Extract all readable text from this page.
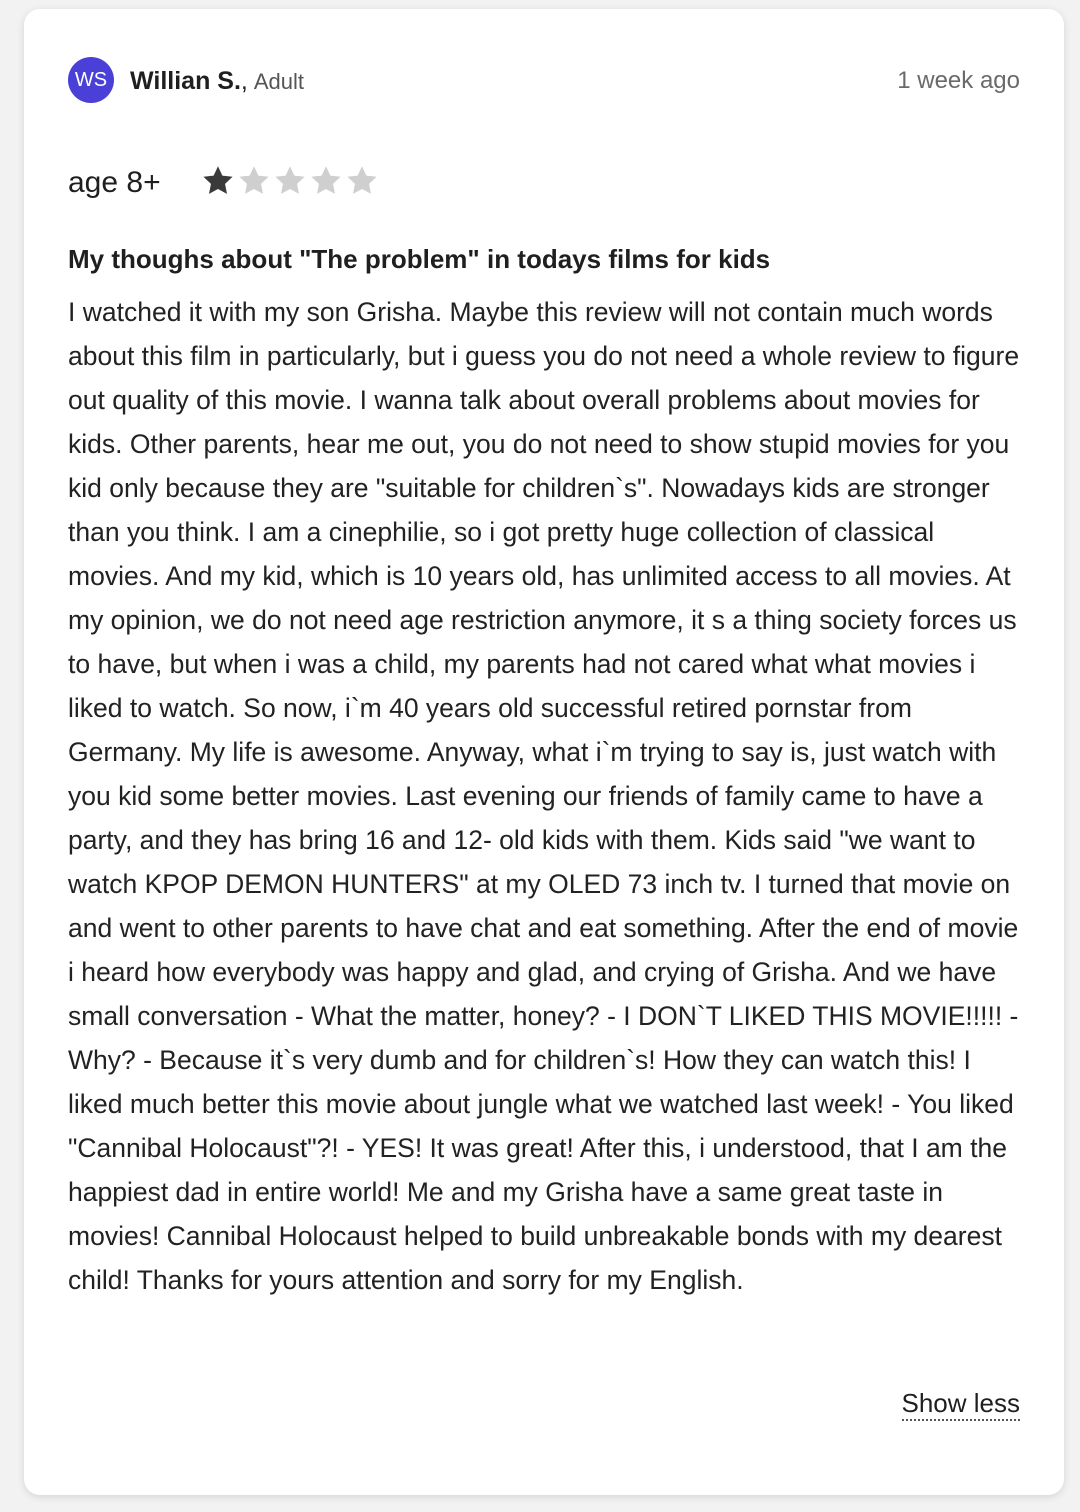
WS Willian S., Adult	1 week ago
age 8+
My thoughs about "The problem" in todays films for kids

I watched it with my son Grisha. Maybe this review will not contain much words about this film in particularly, but i guess you do not need a whole review to figure out quality of this movie. I wanna talk about overall problems about movies for kids. Other parents, hear me out, you do not need to show stupid movies for you kid only because they are "suitable for children`s". Nowadays kids are stronger than you think. I am a cinephilie, so i got pretty huge collection of classical movies. And my kid, which is 10 years old, has unlimited access to all movies. At my opinion, we do not need age restriction anymore, it s a thing society forces us to have, but when i was a child, my parents had not cared what what movies i liked to watch. So now, i`m 40 years old successful retired pornstar from Germany. My life is awesome. Anyway, what i`m trying to say is, just watch with you kid some better movies. Last evening our friends of family came to have a party, and they has bring 16 and 12- old kids with them. Kids said "we want to watch KPOP DEMON HUNTERS" at my OLED 73 inch tv. I turned that movie on and went to other parents to have chat and eat something. After the end of movie i heard how everybody was happy and glad, and crying of Grisha. And we have small conversation - What the matter, honey? - I DON`T LIKED THIS MOVIE!!!!! - Why? - Because it`s very dumb and for children`s! How they can watch this! I liked much better this movie about jungle what we watched last week! - You liked "Cannibal Holocaust"?! - YES! It was great! After this, i understood, that I am the happiest dad in entire world! Me and my Grisha have a same great taste in movies! Cannibal Holocaust helped to build unbreakable bonds with my dearest child! Thanks for yours attention and sorry for my English.

Show less
